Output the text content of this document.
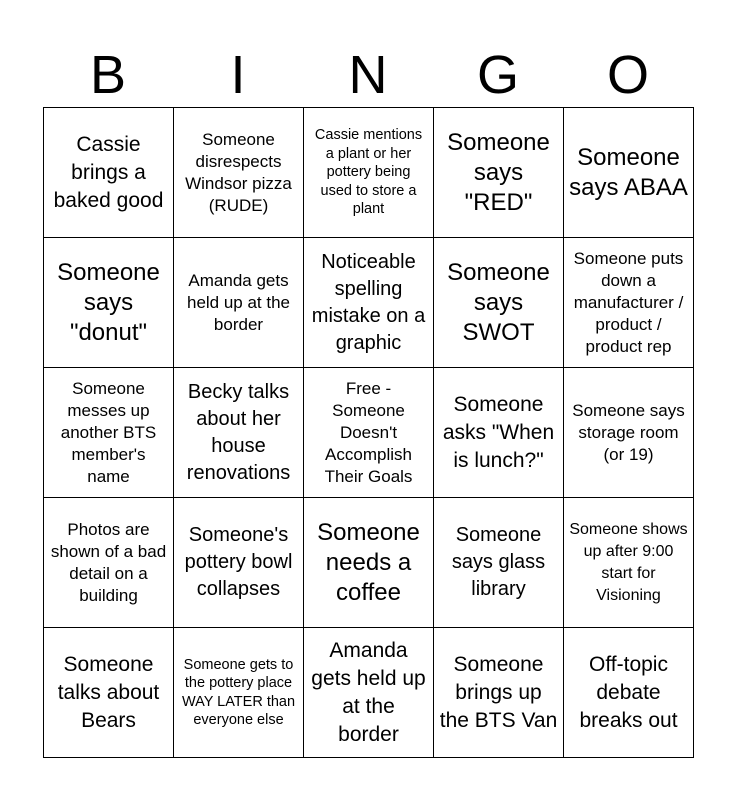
B	I	N	G	O
Cassie brings a baked good
Someone disrespects Windsor pizza (RUDE)
Cassie mentions a plant or her pottery being used to store a plant
Someone says "RED"
Someone says ABAA
Someone says "donut"
Amanda gets held up at the border
Noticeable spelling mistake on a graphic
Someone says SWOT
Someone puts down a manufacturer / product / product rep
Someone messes up another BTS member's name
Becky talks about her house renovations
Free - Someone Doesn't Accomplish Their Goals
Someone asks "When is lunch?"
Someone says storage room (or 19)
Photos are shown of a bad detail on a building
Someone's pottery bowl collapses
Someone needs a coffee
Someone says glass library
Someone shows up after 9:00 start for Visioning
Someone talks about Bears
Someone gets to the pottery place WAY LATER than everyone else
Amanda gets held up at the border
Someone brings up the BTS Van
Off-topic debate breaks out
